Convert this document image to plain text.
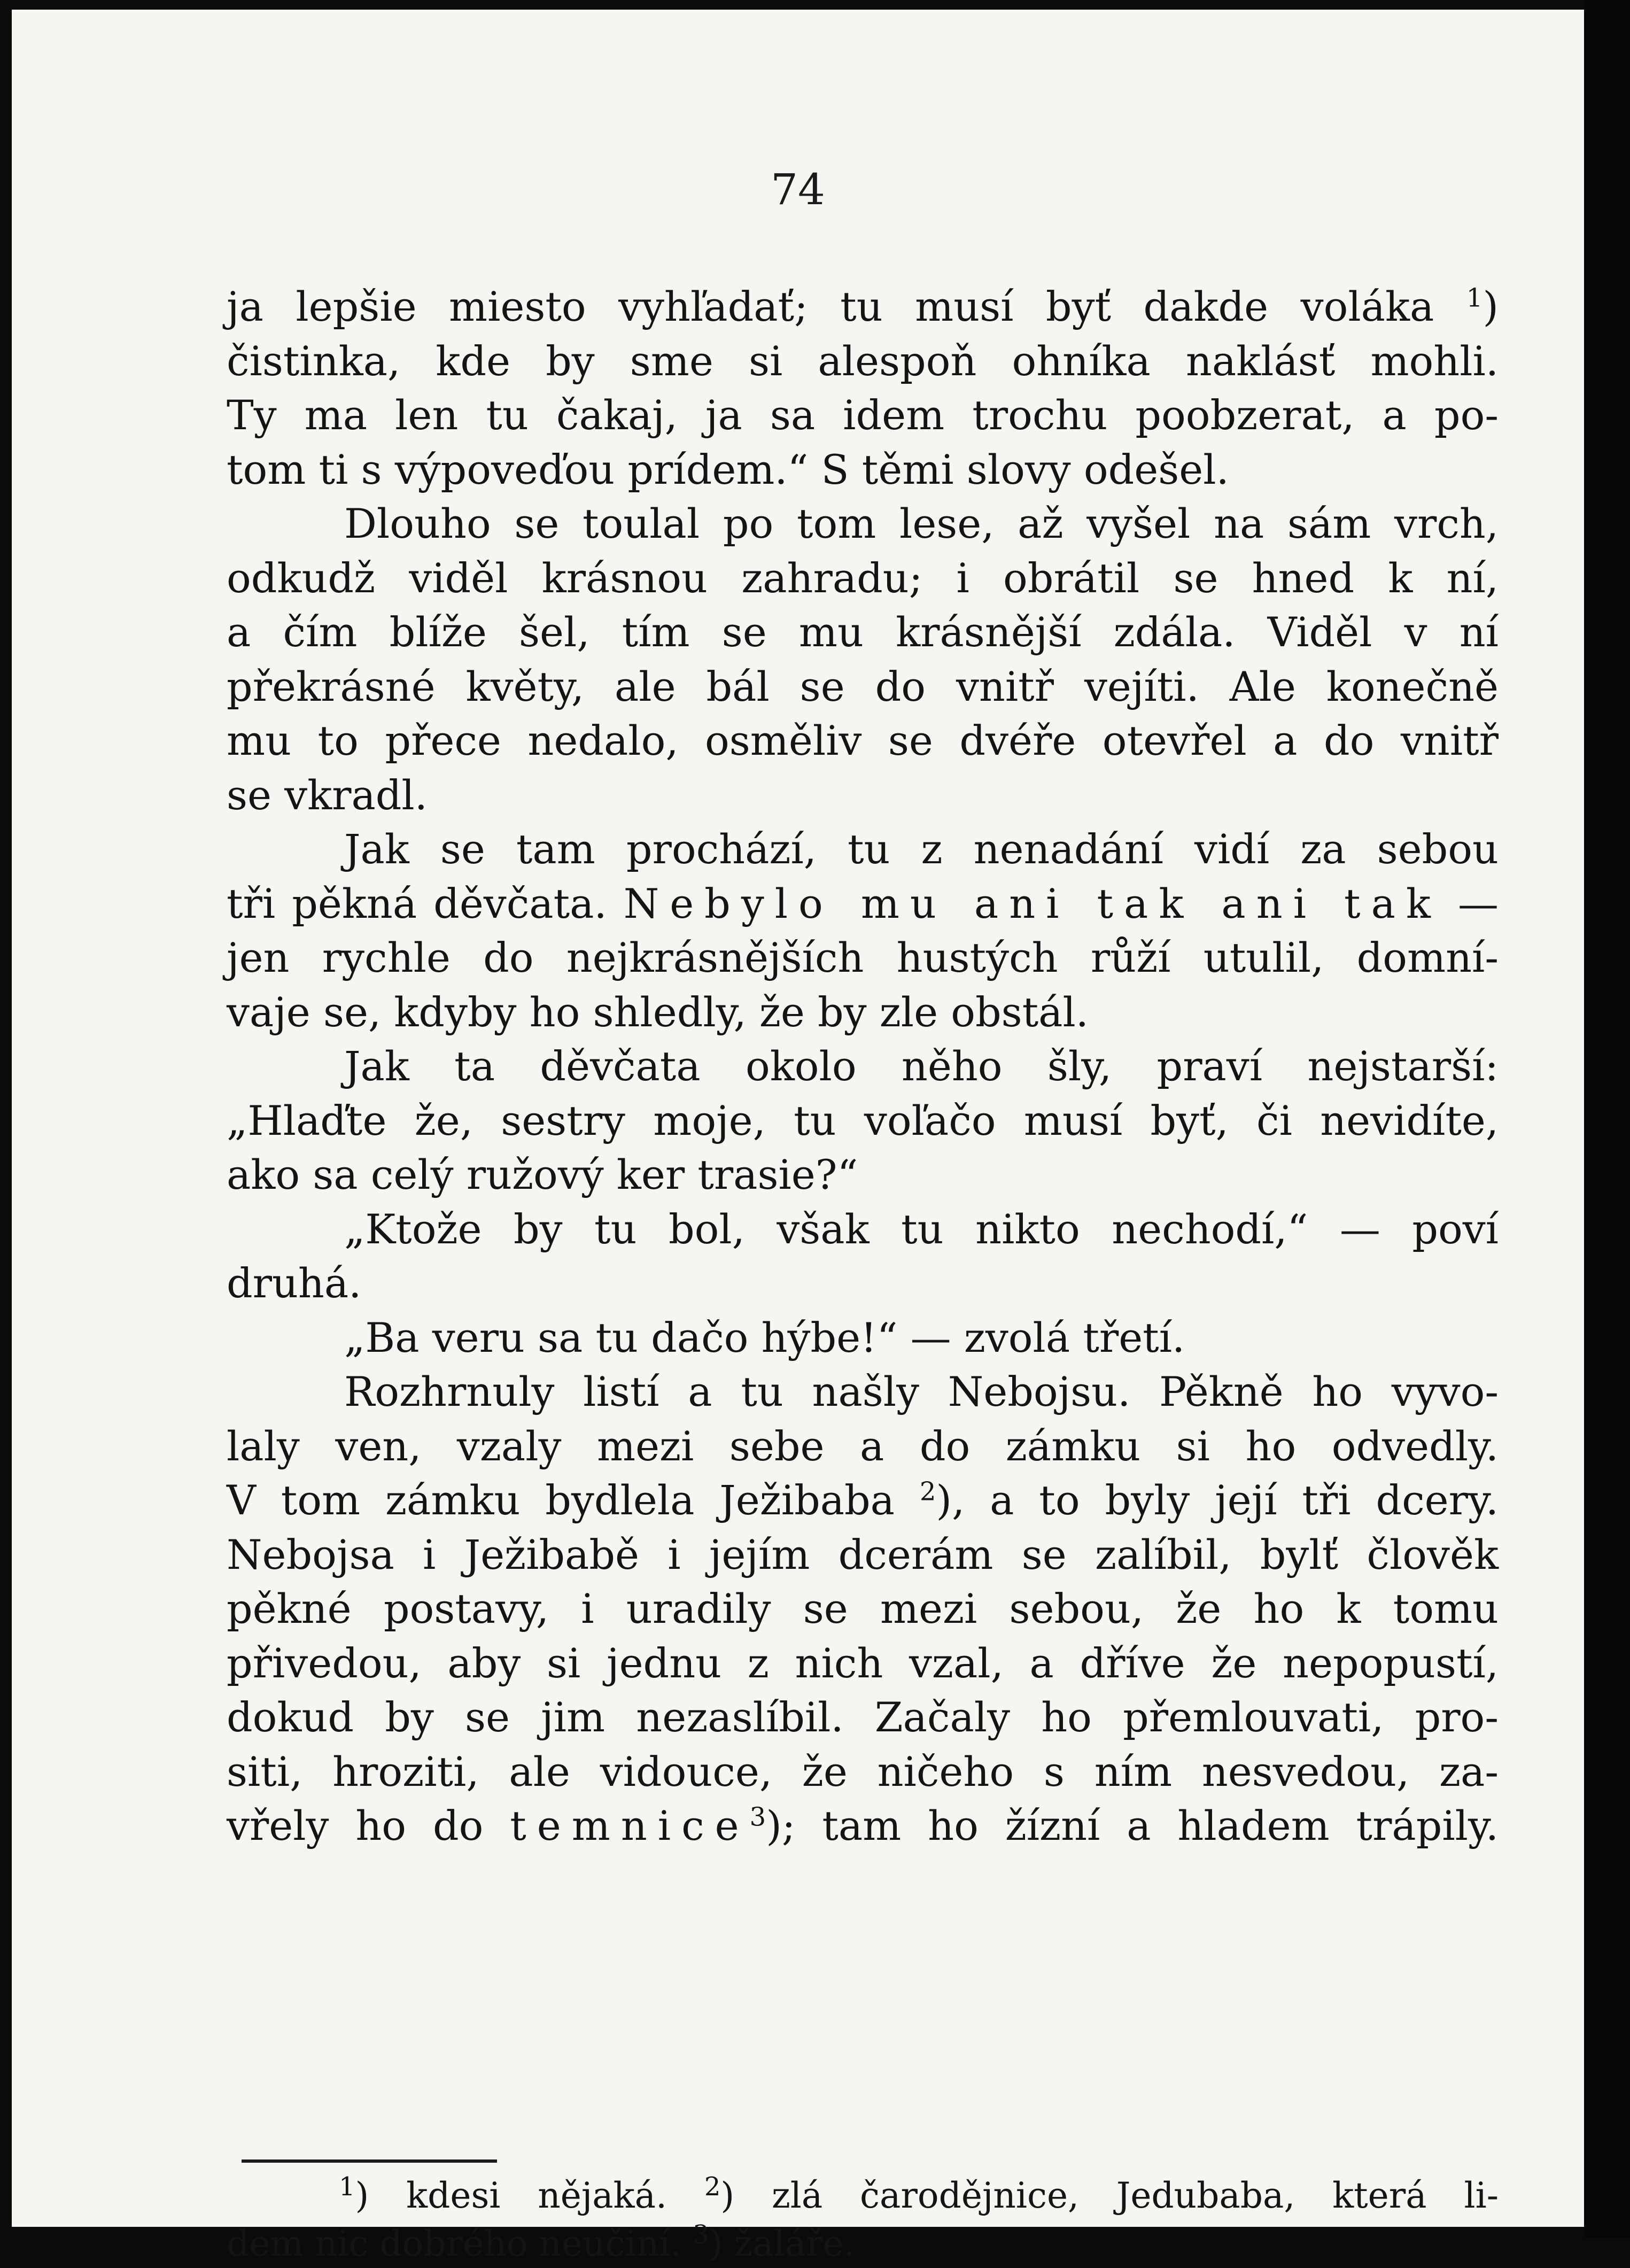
74
ja lepšie miesto vyhľadať; tu musí byť dakde voláka $^1$)
čistinka, kde by sme si alespoň ohníka naklásť mohli.
Ty ma len tu čakaj, ja sa idem trochu poobzerat, a po-
tom ti s výpoveďou prídem.“ S těmi slovy odešel.
Dlouho se toulal po tom lese, až vyšel na sám vrch,
odkudž viděl krásnou zahradu; i obrátil se hned k ní,
a čím blíže šel, tím se mu krásnější zdála. Viděl v ní
překrásné květy, ale bál se do vnitř vejíti. Ale konečně
mu to přece nedalo, osměliv se dvéře otevřel a do vnitř
se vkradl.
Jak se tam prochází, tu z nenadání vidí za sebou
tři pěkná děvčata. Nebylo mu ani tak ani tak —
jen rychle do nejkrásnějších hustých růží utulil, domní-
vaje se, kdyby ho shledly, že by zle obstál.
Jak ta děvčata okolo něho šly, praví nejstarší:
„Hlaďte že, sestry moje, tu voľačo musí byť, či nevidíte,
ako sa celý ružový ker trasie?“
„Ktože by tu bol, však tu nikto nechodí,“ — poví
druhá.
„Ba veru sa tu dačo hýbe!“ — zvolá třetí.
Rozhrnuly listí a tu našly Nebojsu. Pěkně ho vyvo-
laly ven, vzaly mezi sebe a do zámku si ho odvedly.
V tom zámku bydlela Ježibaba $^2$), a to byly její tři dcery.
Nebojsa i Ježibabě i jejím dcerám se zalíbil, bylť člověk
pěkné postavy, i uradily se mezi sebou, že ho k tomu
přivedou, aby si jednu z nich vzal, a dříve že nepopustí,
dokud by se jim nezaslíbil. Začaly ho přemlouvati, pro-
siti, hroziti, ale vidouce, že ničeho s ním nesvedou, za-
vřely ho do temnice$^3$); tam ho žízní a hladem trápily.
$^1$) kdesi nějaká. $^2$) zlá čarodějnice, Jedubaba, která li-
dem nic dobrého neučiní. $^3$) žaláře.
